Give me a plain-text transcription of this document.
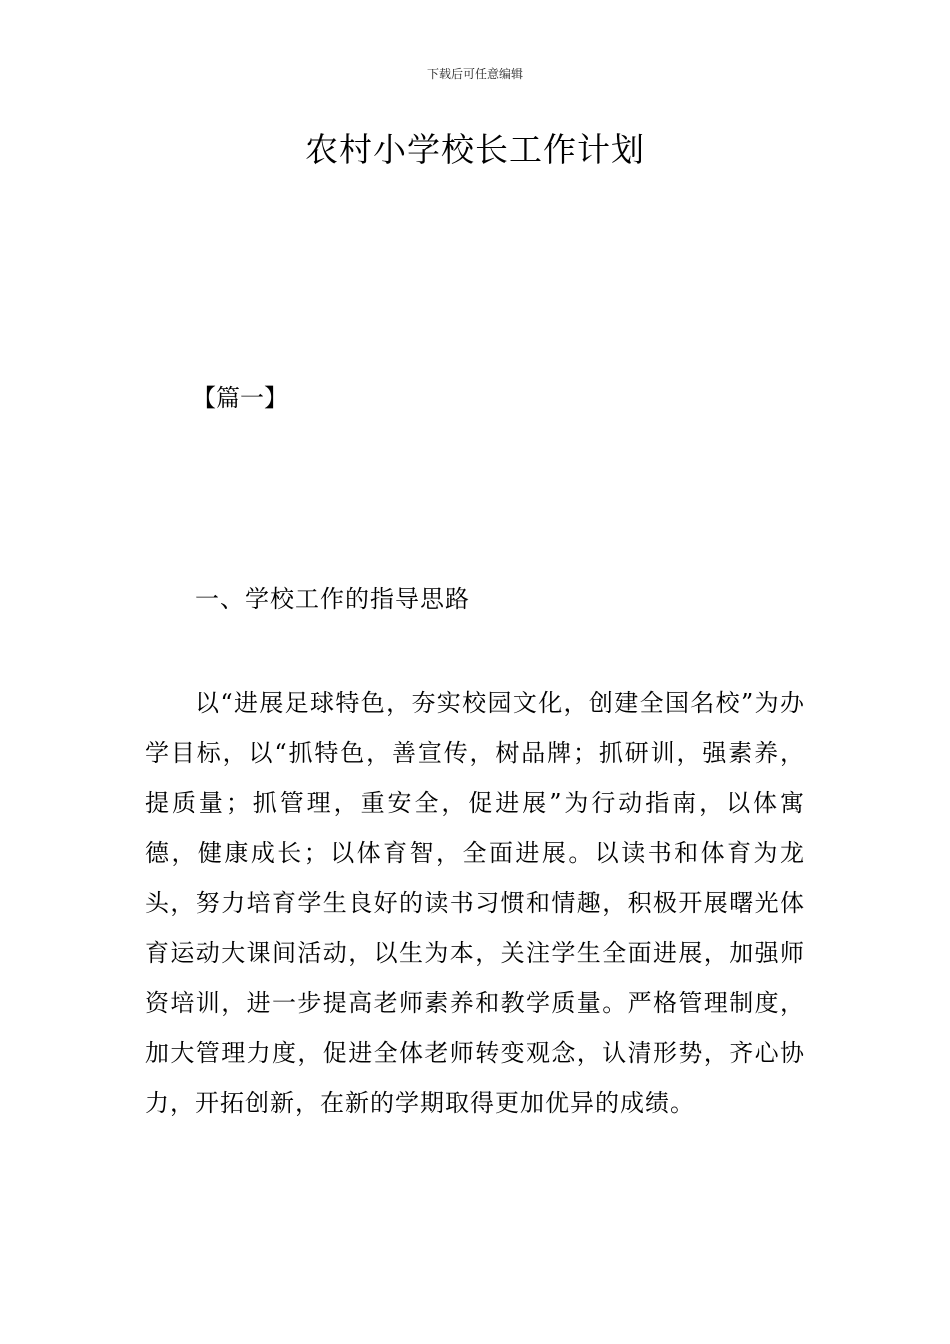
下载后可任意编辑
农村小学校长工作计划
【篇一】
一、学校工作的指导思路

以“进展足球特色，夯实校园文化，创建全国名校”为办学目标，以“抓特色，善宣传，树品牌；抓研训，强素养，提质量；抓管理，重安全，促进展”为行动指南，以体寓德，健康成长；以体育智，全面进展。以读书和体育为龙头，努力培育学生良好的读书习惯和情趣，积极开展曙光体育运动大课间活动，以生为本，关注学生全面进展，加强师资培训，进一步提高老师素养和教学质量。严格管理制度，加大管理力度，促进全体老师转变观念，认清形势，齐心协力，开拓创新，在新的学期取得更加优异的成绩。
